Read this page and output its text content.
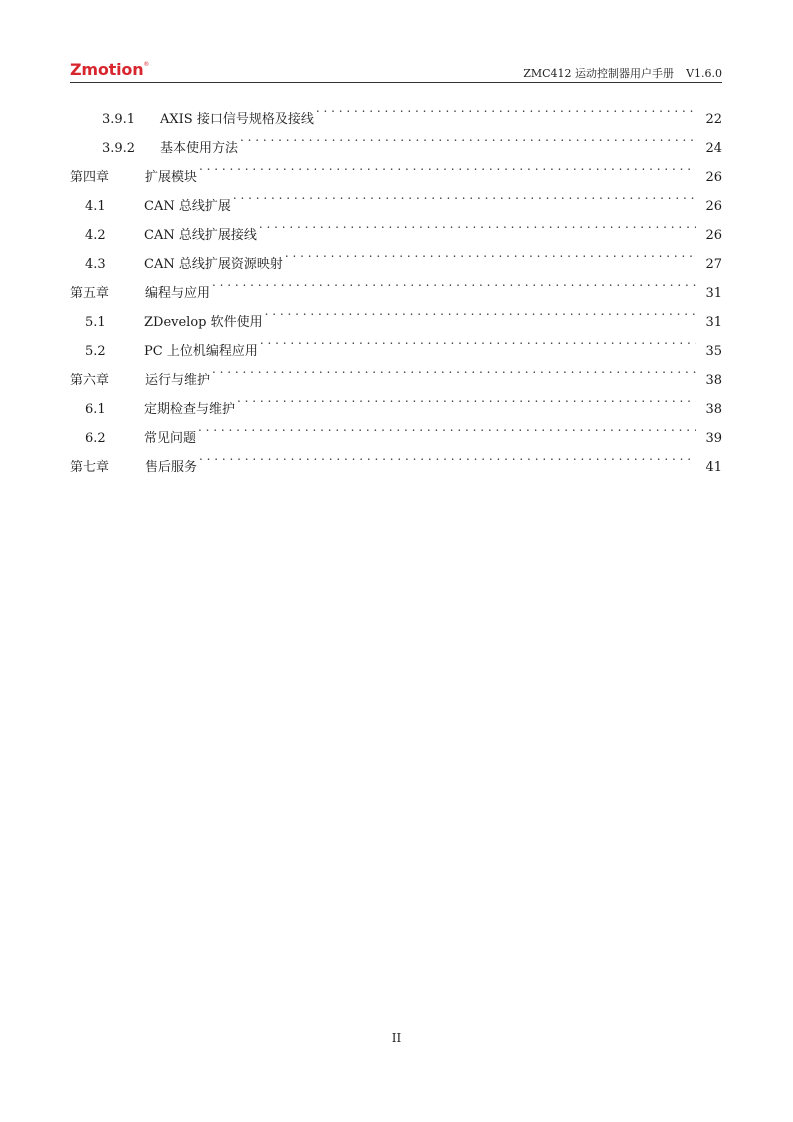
Zmotion®
ZMC412 运动控制器用户手册 V1.6.0
3.9.1	AXIS 接口信号规格及接线 . . .	22
3.9.2	基本使用方法 . . .	24
第四章	扩展模块 . . .	26
4.1	CAN 总线扩展 . . .	26
4.2	CAN 总线扩展接线 . . .	26
4.3	CAN 总线扩展资源映射 . . .	27
第五章	编程与应用 . . .	31
5.1	ZDevelop 软件使用 . . .	31
5.2	PC 上位机编程应用 . . .	35
第六章	运行与维护 . . .	38
6.1	定期检查与维护 . . .	38
6.2	常见问题 . . .	39
第七章	售后服务 . . .	41
II
